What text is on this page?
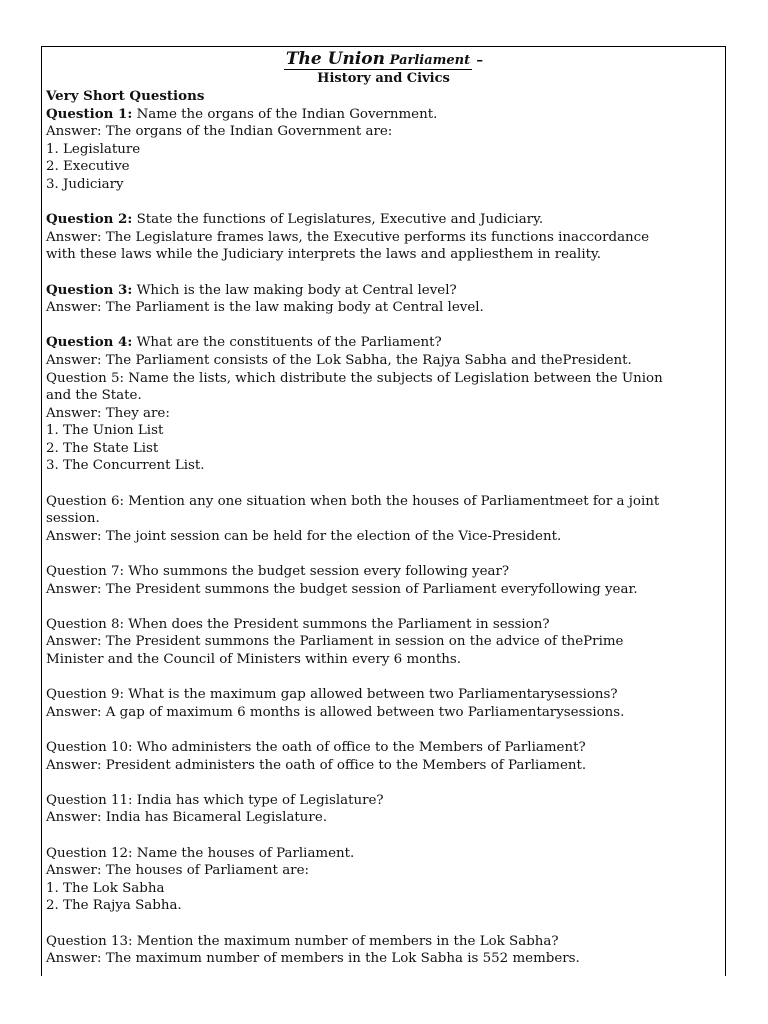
The Union Parliament –
History and Civics
Very Short Questions
Question 1: Name the organs of the Indian Government.
Answer: The organs of the Indian Government are:
1. Legislature
2. Executive
3. Judiciary
Question 2: State the functions of Legislatures, Executive and Judiciary.
Answer: The Legislature frames laws, the Executive performs its functions inaccordance
with these laws while the Judiciary interprets the laws and appliesthem in reality.
Question 3: Which is the law making body at Central level?
Answer: The Parliament is the law making body at Central level.
Question 4: What are the constituents of the Parliament?
Answer: The Parliament consists of the Lok Sabha, the Rajya Sabha and thePresident.
Question 5: Name the lists, which distribute the subjects of Legislation between the Union
and the State.
Answer: They are:
1. The Union List
2. The State List
3. The Concurrent List.
Question 6: Mention any one situation when both the houses of Parliamentmeet for a joint
session.
Answer: The joint session can be held for the election of the Vice-President.
Question 7: Who summons the budget session every following year?
Answer: The President summons the budget session of Parliament everyfollowing year.
Question 8: When does the President summons the Parliament in session?
Answer: The President summons the Parliament in session on the advice of thePrime
Minister and the Council of Ministers within every 6 months.
Question 9: What is the maximum gap allowed between two Parliamentarysessions?
Answer: A gap of maximum 6 months is allowed between two Parliamentarysessions.
Question 10: Who administers the oath of office to the Members of Parliament?
Answer: President administers the oath of office to the Members of Parliament.
Question 11: India has which type of Legislature?
Answer: India has Bicameral Legislature.
Question 12: Name the houses of Parliament.
Answer: The houses of Parliament are:
1. The Lok Sabha
2. The Rajya Sabha.
Question 13: Mention the maximum number of members in the Lok Sabha?
Answer: The maximum number of members in the Lok Sabha is 552 members.
